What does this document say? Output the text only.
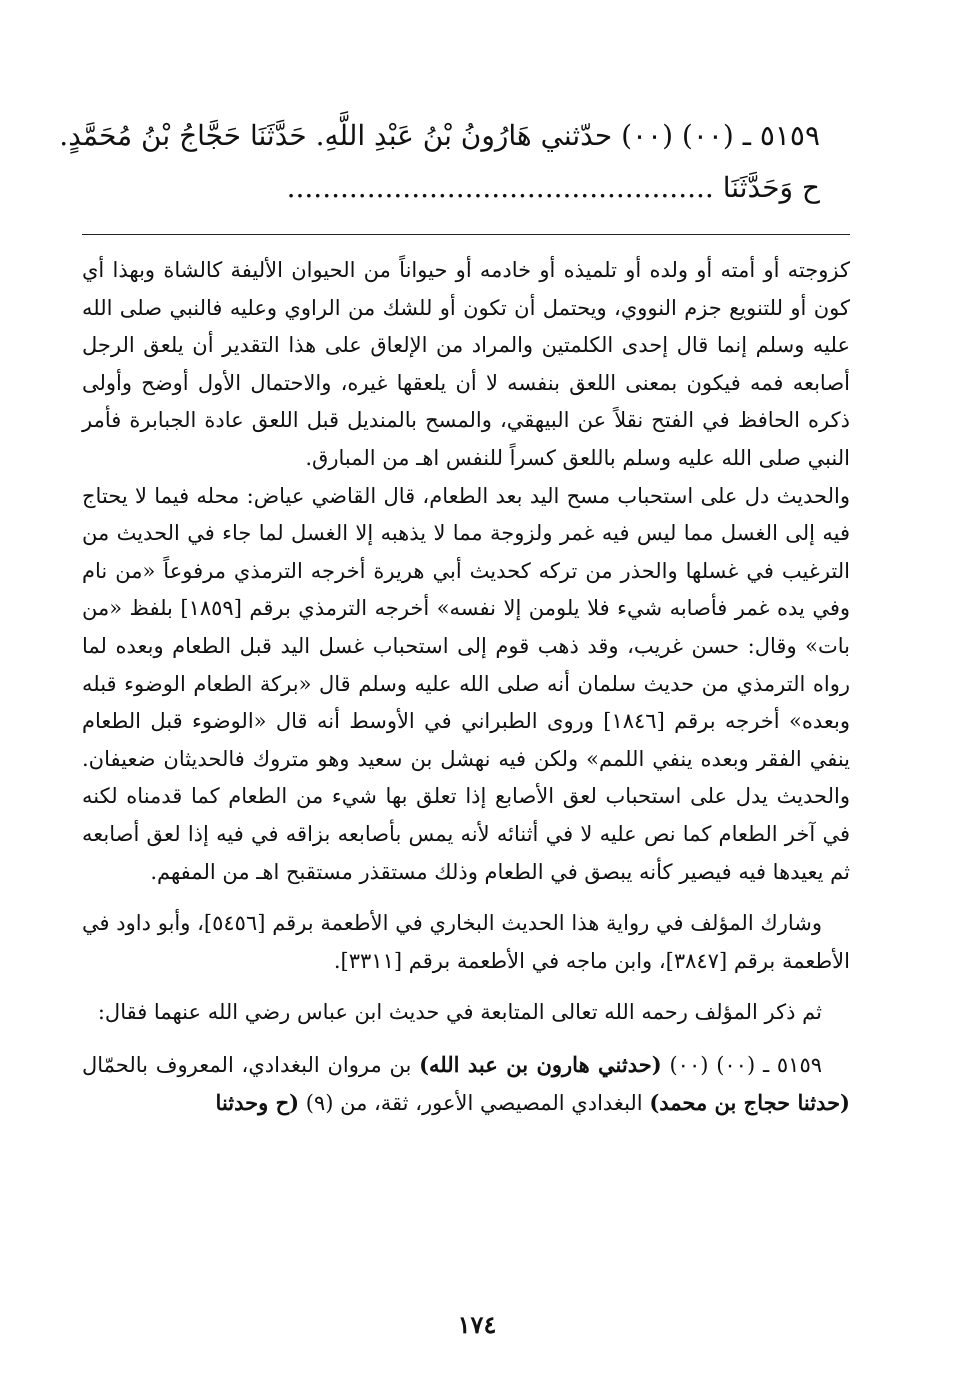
٥١٥٩ ـ (٠٠) (٠٠) حدّثني هَارُونُ بْنُ عَبْدِ اللَّهِ. حَدَّثَنَا حَجَّاجُ بْنُ مُحَمَّدٍ.
ح وَحَدَّثَنَا ................................................

كزوجته أو أمته أو ولده أو تلميذه أو خادمه أو حيواناً من الحيوان الأليفة كالشاة وبهذا أي كون أو للتنويع جزم النووي، ويحتمل أن تكون أو للشك من الراوي وعليه فالنبي صلى الله عليه وسلم إنما قال إحدى الكلمتين والمراد من الإلعاق على هذا التقدير أن يلعق الرجل أصابعه فمه فيكون بمعنى اللعق بنفسه لا أن يلعقها غيره، والاحتمال الأول أوضح وأولى ذكره الحافظ في الفتح نقلاً عن البيهقي، والمسح بالمنديل قبل اللعق عادة الجبابرة فأمر النبي صلى الله عليه وسلم باللعق كسراً للنفس اهـ من المبارق.

والحديث دل على استحباب مسح اليد بعد الطعام، قال القاضي عياض: محله فيما لا يحتاج فيه إلى الغسل مما ليس فيه غمر ولزوجة مما لا يذهبه إلا الغسل لما جاء في الحديث من الترغيب في غسلها والحذر من تركه كحديث أبي هريرة أخرجه الترمذي مرفوعاً «من نام وفي يده غمر فأصابه شيء فلا يلومن إلا نفسه» أخرجه الترمذي برقم [١٨٥٩] بلفظ «من بات» وقال: حسن غريب، وقد ذهب قوم إلى استحباب غسل اليد قبل الطعام وبعده لما رواه الترمذي من حديث سلمان أنه صلى الله عليه وسلم قال «بركة الطعام الوضوء قبله وبعده» أخرجه برقم [١٨٤٦] وروى الطبراني في الأوسط أنه قال «الوضوء قبل الطعام ينفي الفقر وبعده ينفي اللمم» ولكن فيه نهشل بن سعيد وهو متروك فالحديثان ضعيفان. والحديث يدل على استحباب لعق الأصابع إذا تعلق بها شيء من الطعام كما قدمناه لكنه في آخر الطعام كما نص عليه لا في أثنائه لأنه يمس بأصابعه بزاقه في فيه إذا لعق أصابعه ثم يعيدها فيه فيصير كأنه يبصق في الطعام وذلك مستقذر مستقبح اهـ من المفهم.

وشارك المؤلف في رواية هذا الحديث البخاري في الأطعمة برقم [٥٤٥٦]، وأبو داود في الأطعمة برقم [٣٨٤٧]، وابن ماجه في الأطعمة برقم [٣٣١١].

ثم ذكر المؤلف رحمه الله تعالى المتابعة في حديث ابن عباس رضي الله عنهما فقال:

٥١٥٩ ـ (٠٠) (٠٠) (حدثني هارون بن عبد الله) بن مروان البغدادي، المعروف بالحمّال (حدثنا حجاج بن محمد) البغدادي المصيصي الأعور، ثقة، من (٩) (ح وحدثنا

١٧٤
